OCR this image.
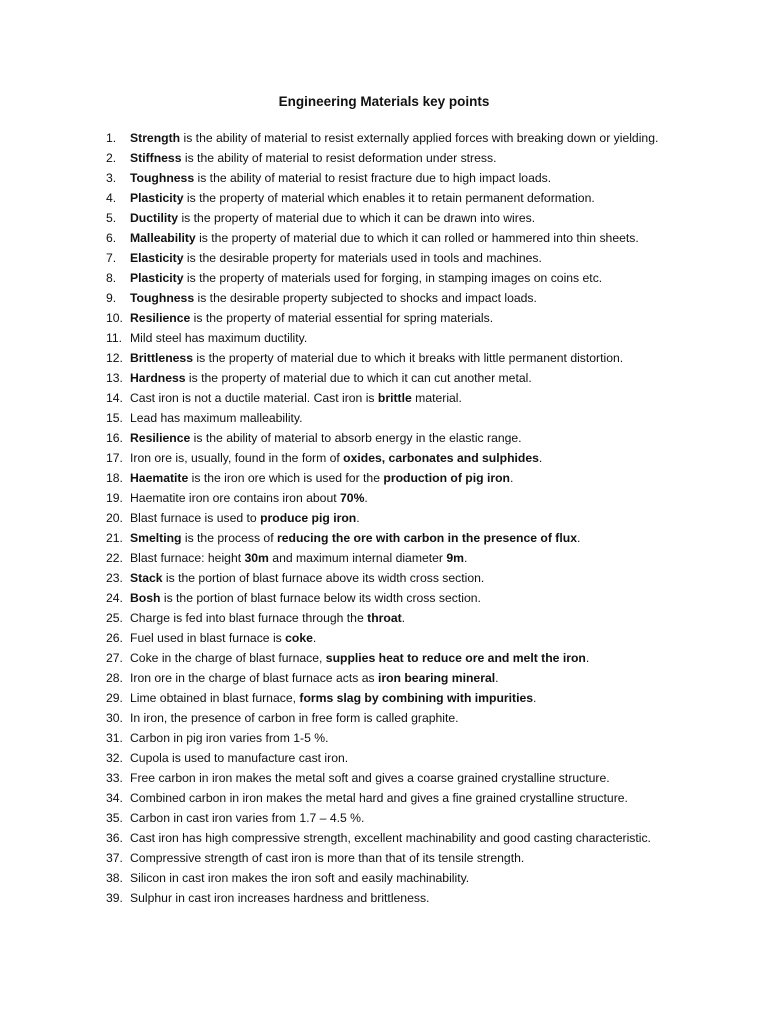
Engineering Materials key points
1. Strength is the ability of material to resist externally applied forces with breaking down or yielding.
2. Stiffness is the ability of material to resist deformation under stress.
3. Toughness is the ability of material to resist fracture due to high impact loads.
4. Plasticity is the property of material which enables it to retain permanent deformation.
5. Ductility is the property of material due to which it can be drawn into wires.
6. Malleability is the property of material due to which it can rolled or hammered into thin sheets.
7. Elasticity is the desirable property for materials used in tools and machines.
8. Plasticity is the property of materials used for forging, in stamping images on coins etc.
9. Toughness is the desirable property subjected to shocks and impact loads.
10. Resilience is the property of material essential for spring materials.
11. Mild steel has maximum ductility.
12. Brittleness is the property of material due to which it breaks with little permanent distortion.
13. Hardness is the property of material due to which it can cut another metal.
14. Cast iron is not a ductile material. Cast iron is brittle material.
15. Lead has maximum malleability.
16. Resilience is the ability of material to absorb energy in the elastic range.
17. Iron ore is, usually, found in the form of oxides, carbonates and sulphides.
18. Haematite is the iron ore which is used for the production of pig iron.
19. Haematite iron ore contains iron about 70%.
20. Blast furnace is used to produce pig iron.
21. Smelting is the process of reducing the ore with carbon in the presence of flux.
22. Blast furnace: height 30m and maximum internal diameter 9m.
23. Stack is the portion of blast furnace above its width cross section.
24. Bosh is the portion of blast furnace below its width cross section.
25. Charge is fed into blast furnace through the throat.
26. Fuel used in blast furnace is coke.
27. Coke in the charge of blast furnace, supplies heat to reduce ore and melt the iron.
28. Iron ore in the charge of blast furnace acts as iron bearing mineral.
29. Lime obtained in blast furnace, forms slag by combining with impurities.
30. In iron, the presence of carbon in free form is called graphite.
31. Carbon in pig iron varies from 1-5 %.
32. Cupola is used to manufacture cast iron.
33. Free carbon in iron makes the metal soft and gives a coarse grained crystalline structure.
34. Combined carbon in iron makes the metal hard and gives a fine grained crystalline structure.
35. Carbon in cast iron varies from 1.7 – 4.5 %.
36. Cast iron has high compressive strength, excellent machinability and good casting characteristic.
37. Compressive strength of cast iron is more than that of its tensile strength.
38. Silicon in cast iron makes the iron soft and easily machinability.
39. Sulphur in cast iron increases hardness and brittleness.
